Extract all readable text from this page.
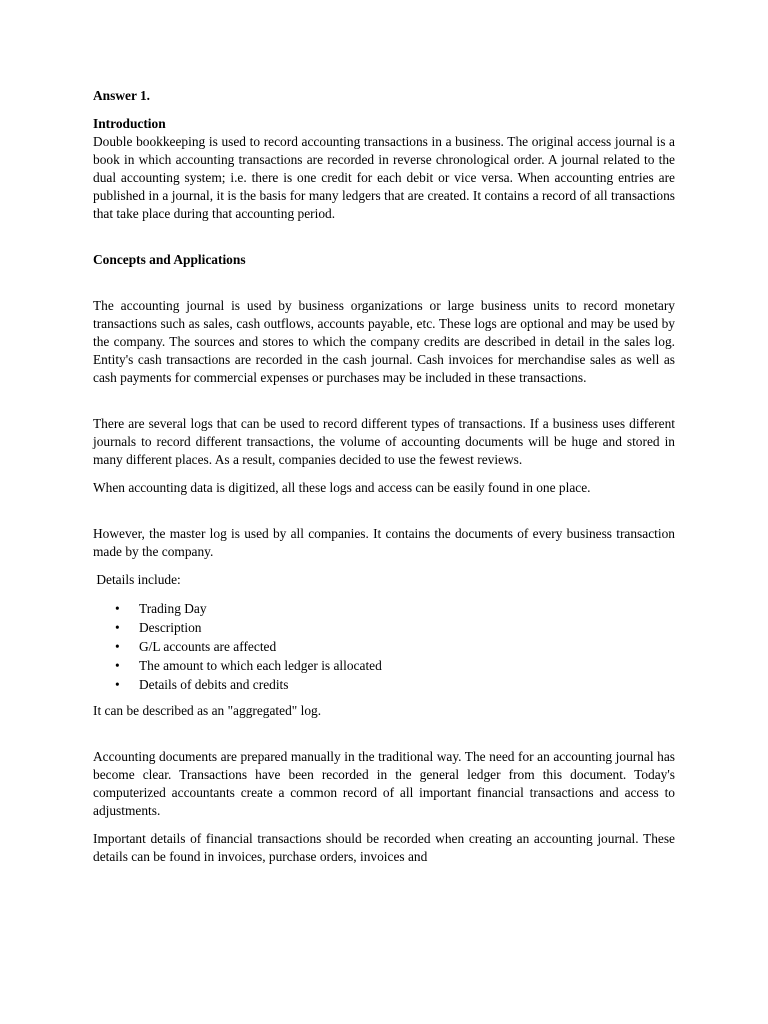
Answer 1.
Introduction

Double bookkeeping is used to record accounting transactions in a business. The original access journal is a book in which accounting transactions are recorded in reverse chronological order. A journal related to the dual accounting system; i.e. there is one credit for each debit or vice versa. When accounting entries are published in a journal, it is the basis for many ledgers that are created. It contains a record of all transactions that take place during that accounting period.

Concepts and Applications

The accounting journal is used by business organizations or large business units to record monetary transactions such as sales, cash outflows, accounts payable, etc. These logs are optional and may be used by the company. The sources and stores to which the company credits are described in detail in the sales log. Entity's cash transactions are recorded in the cash journal. Cash invoices for merchandise sales as well as cash payments for commercial expenses or purchases may be included in these transactions.

There are several logs that can be used to record different types of transactions. If a business uses different journals to record different transactions, the volume of accounting documents will be huge and stored in many different places. As a result, companies decided to use the fewest reviews.

When accounting data is digitized, all these logs and access can be easily found in one place.

However, the master log is used by all companies. It contains the documents of every business transaction made by the company.

Details include:

• Trading Day
• Description
• G/L accounts are affected
• The amount to which each ledger is allocated
• Details of debits and credits

It can be described as an "aggregated" log.

Accounting documents are prepared manually in the traditional way. The need for an accounting journal has become clear. Transactions have been recorded in the general ledger from this document. Today's computerized accountants create a common record of all important financial transactions and access to adjustments.

Important details of financial transactions should be recorded when creating an accounting journal. These details can be found in invoices, purchase orders, invoices and
